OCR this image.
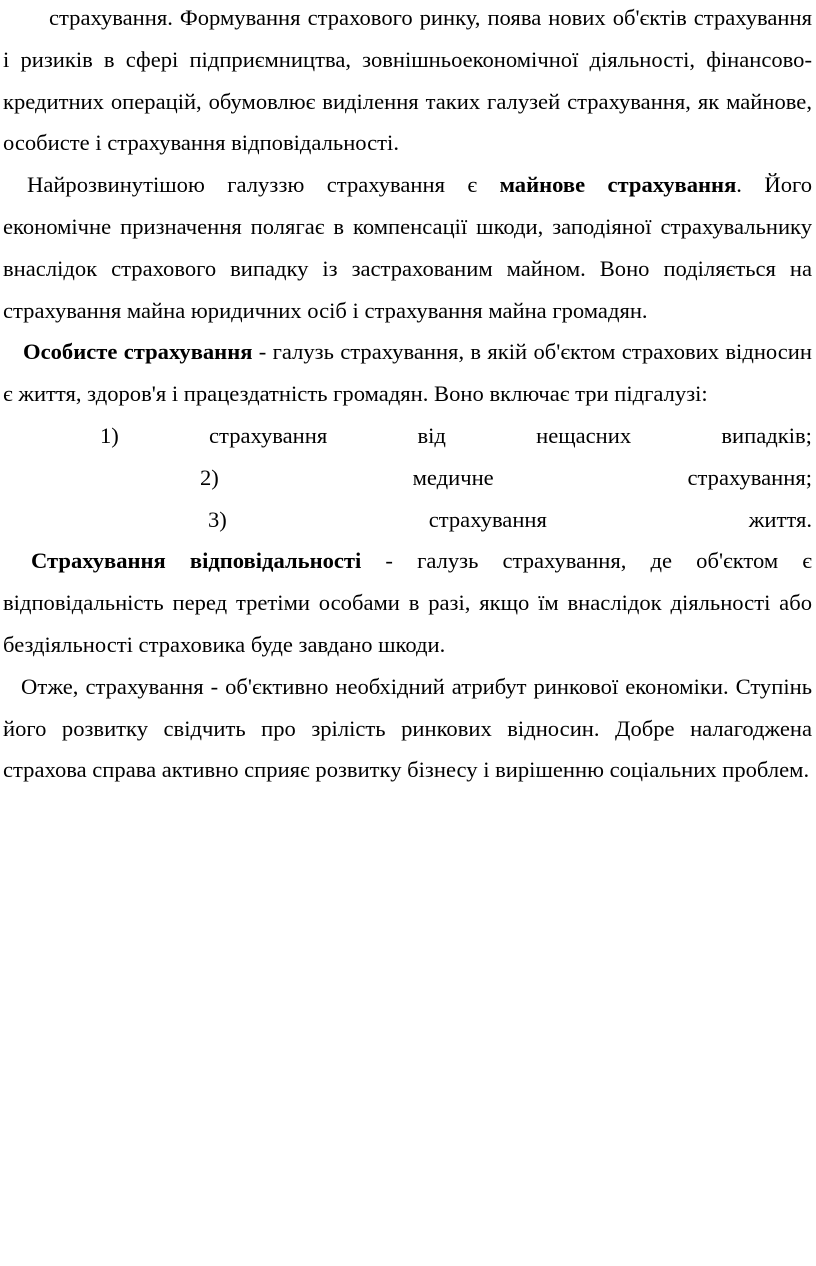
страхування. Формування страхового ринку, поява нових об'єктів страхування і ризиків в сфері підприємництва, зовнішньоекономічної діяльності, фінансово-кредитних операцій, обумовлює виділення таких галузей страхування, як майнове, особисте і страхування відповідальності.

Найрозвинутішою галуззю страхування є майнове страхування. Його економічне призначення полягає в компенсації шкоди, заподіяної страхувальнику внаслідок страхового випадку із застрахованим майном. Воно поділяється на страхування майна юридичних осіб і страхування майна громадян.

Особисте страхування - галузь страхування, в якій об'єктом страхових відносин є життя, здоров'я і працездатність громадян. Воно включає три підгалузі:

1)	страхування	від	нещасних	випадків;
2)	медичне	страхування;
3)	страхування	життя.

Страхування відповідальності - галузь страхування, де об'єктом є відповідальність перед третіми особами в разі, якщо їм внаслідок діяльності або бездіяльності страховика буде завдано шкоди.

Отже, страхування - об'єктивно необхідний атрибут ринкової економіки. Ступінь його розвитку свідчить про зрілість ринкових відносин. Добре налагоджена страхова справа активно сприяє розвитку бізнесу і вирішенню соціальних проблем.
